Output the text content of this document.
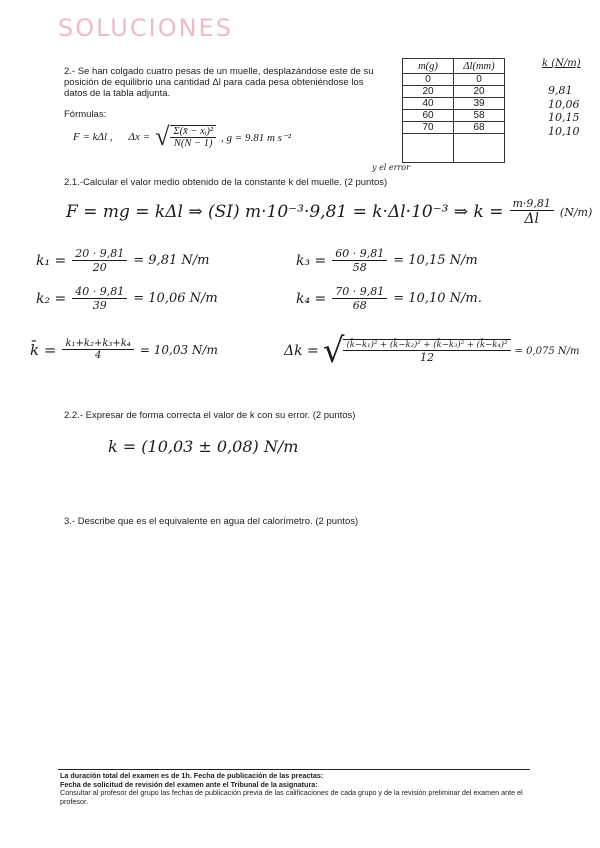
SOLUCIONES
2.- Se han colgado cuatro pesas de un muelle, desplazándose este de su posición de equilibrio una cantidad Δl para cada pesa obteniéndose los datos de la tabla adjunta.
Fórmulas:
F = kΔl , Δx = √ $\frac{\text{Σ(x̄ − xᵢ)²}}{N(N - 1)}$ , g = 9.81 m s⁻²
m(g)	Δl(mm)
0	0
20	20
40	39
60	58
70	68

k (N/m)
9,81
10,06
10,15
10,10
y el error
2.1.-Calcular el valor medio obtenido de la constante k del muelle. (2 puntos)
F = mg = kΔl ⇒ (SI) m·10⁻³·9,81 = k·Δl·10⁻³ ⇒ $k = \frac{m\cdot 9,81}{\Delta l} (N/m)$
$k_1 = \frac{20 \cdot 9,81}{20} = 9,81$ N/m	$k_3 = \frac{60 \cdot 9,81}{58} = 10,15$ N/m
$k_2 = \frac{40 \cdot 9,81}{39} = 10,06$ N/m	$k_4 = \frac{70 \cdot 9,81}{68} = 10,10$ N/m.
k̄ = $\frac{\text{k₁+k₂+k₃+k₄}}{4} = 10,03$ N/m	Δk = √ $\frac{\text{(k̄−k₁)² + (k̄−k₂)² + (k̄−k₃)² + (k̄−k₄)²}}{12} = 0,075$ N/m
2.2.- Expresar de forma correcta el valor de k con su error. (2 puntos)
k = (10,03 ± 0,08) N/m
3.- Describe que es el equivalente en agua del calorímetro. (2 puntos)
La duración total del examen es de 1h. Fecha de publicación de las preactas:
Fecha de solicitud de revisión del examen ante el Tribunal de la asignatura:
Consultar al profesor del grupo las fechas de publicación previa de las calificaciones de cada grupo y de la revisión preliminar del examen ante el profesor.
